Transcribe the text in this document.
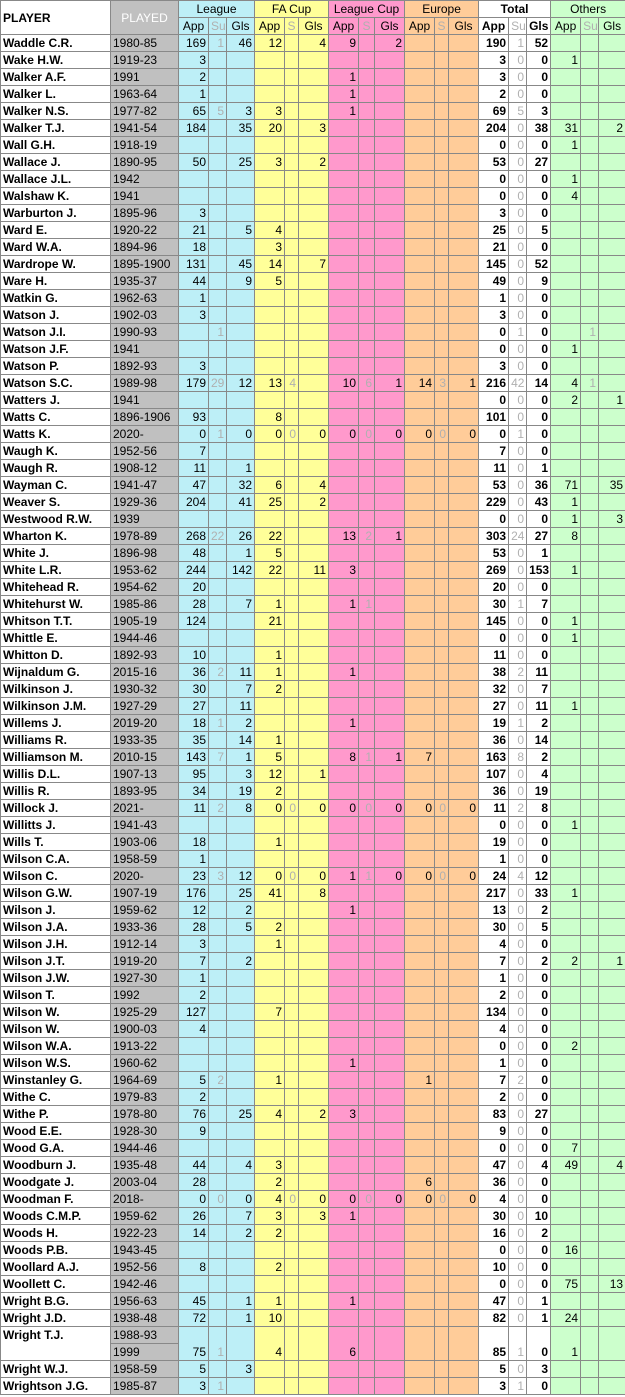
PLAYER	PLAYED	League			FA Cup			League Cup			Europe			Total			Others		
		App	Su	Gls	App	S	Gls	App	S	Gls	App	S	Gls	App	Su	Gls	App	Su	Gls
Waddle C.R.	1980-85	169	1	46	12		4	9		2				190	1	52			
Wake H.W.	1919-23	3												3	0	0	1		
Walker A.F.	1991	2						1						3	0	0			
Walker L.	1963-64	1						1						2	0	0			
Walker N.S.	1977-82	65	5	3	3			1						69	5	3			
Walker T.J.	1941-54	184		35	20		3							204	0	38	31		2
Wall G.H.	1918-19													0	0	0	1		
Wallace J.	1890-95	50		25	3		2							53	0	27			
Wallace J.L.	1942													0	0	0	1		
Walshaw K.	1941													0	0	0	4		
Warburton J.	1895-96	3												3	0	0			
Ward E.	1920-22	21		5	4									25	0	5			
Ward W.A.	1894-96	18			3									21	0	0			
Wardrope W.	1895-1900	131		45	14		7							145	0	52			
Ware H.	1935-37	44		9	5									49	0	9			
Watkin G.	1962-63	1												1	0	0			
Watson J.	1902-03	3												3	0	0			
Watson J.I.	1990-93		1											0	1	0		1	
Watson J.F.	1941													0	0	0	1		
Watson P.	1892-93	3												3	0	0			
Watson S.C.	1989-98	179	29	12	13	4		10	6	1	14	3	1	216	42	14	4	1	
Watters J.	1941													0	0	0	2		1
Watts C.	1896-1906	93			8									101	0	0			
Watts K.	2020-	0	1	0	0	0	0	0	0	0	0	0	0	0	1	0			
Waugh K.	1952-56	7												7	0	0			
Waugh R.	1908-12	11		1										11	0	1			
Wayman C.	1941-47	47		32	6		4							53	0	36	71		35
Weaver S.	1929-36	204		41	25		2							229	0	43	1		
Westwood R.W.	1939													0	0	0	1		3
Wharton K.	1978-89	268	22	26	22			13	2	1				303	24	27	8		
White J.	1896-98	48		1	5									53	0	1			
White L.R.	1953-62	244		142	22		11	3						269	0	153	1		
Whitehead R.	1954-62	20												20	0	0			
Whitehurst W.	1985-86	28		7	1			1	1					30	1	7			
Whitson T.T.	1905-19	124			21									145	0	0	1		
Whittle E.	1944-46													0	0	0	1		
Whitton D.	1892-93	10			1									11	0	0			
Wijnaldum G.	2015-16	36	2	11	1			1						38	2	11			
Wilkinson J.	1930-32	30		7	2									32	0	7			
Wilkinson J.M.	1927-29	27		11										27	0	11	1		
Willems J.	2019-20	18	1	2				1						19	1	2			
Williams R.	1933-35	35		14	1									36	0	14			
Williamson M.	2010-15	143	7	1	5			8	1	1	7			163	8	2			
Willis D.L.	1907-13	95		3	12		1							107	0	4			
Willis R.	1893-95	34		19	2									36	0	19			
Willock J.	2021-	11	2	8	0	0	0	0	0	0	0	0	0	11	2	8			
Willitts J.	1941-43													0	0	0	1		
Wills T.	1903-06	18			1									19	0	0			
Wilson C.A.	1958-59	1												1	0	0			
Wilson C.	2020-	23	3	12	0	0	0	1	1	0	0	0	0	24	4	12			
Wilson G.W.	1907-19	176		25	41		8							217	0	33	1		
Wilson J.	1959-62	12		2				1						13	0	2			
Wilson J.A.	1933-36	28		5	2									30	0	5			
Wilson J.H.	1912-14	3			1									4	0	0			
Wilson J.T.	1919-20	7		2										7	0	2	2		1
Wilson J.W.	1927-30	1												1	0	0			
Wilson T.	1992	2												2	0	0			
Wilson W.	1925-29	127			7									134	0	0			
Wilson W.	1900-03	4												4	0	0			
Wilson W.A.	1913-22													0	0	0	2		
Wilson W.S.	1960-62							1						1	0	0			
Winstanley G.	1964-69	5	2		1						1			7	2	0			
Withe C.	1979-83	2												2	0	0			
Withe P.	1978-80	76		25	4		2	3						83	0	27			
Wood E.E.	1928-30	9												9	0	0			
Wood G.A.	1944-46													0	0	0	7		
Woodburn J.	1935-48	44		4	3									47	0	4	49		4
Woodgate J.	2003-04	28			2						6			36	0	0			
Woodman F.	2018-	0	0	0	4	0	0	0	0	0	0	0	0	4	0	0			
Woods C.M.P.	1959-62	26		7	3		3	1						30	0	10			
Woods H.	1922-23	14		2	2									16	0	2			
Woods P.B.	1943-45													0	0	0	16		
Woollard A.J.	1952-56	8			2									10	0	0			
Woollett C.	1942-46													0	0	0	75		13
Wright B.G.	1956-63	45		1	1			1						47	0	1			
Wright J.D.	1938-48	72		1	10									82	0	1	24		
Wright T.J.	1988-93	75	1		4			6						85	1	0	1		
	1999																		
Wright W.J.	1958-59	5		3										5	0	3			
Wrightson J.G.	1985-87	3	1											3	1	0			
